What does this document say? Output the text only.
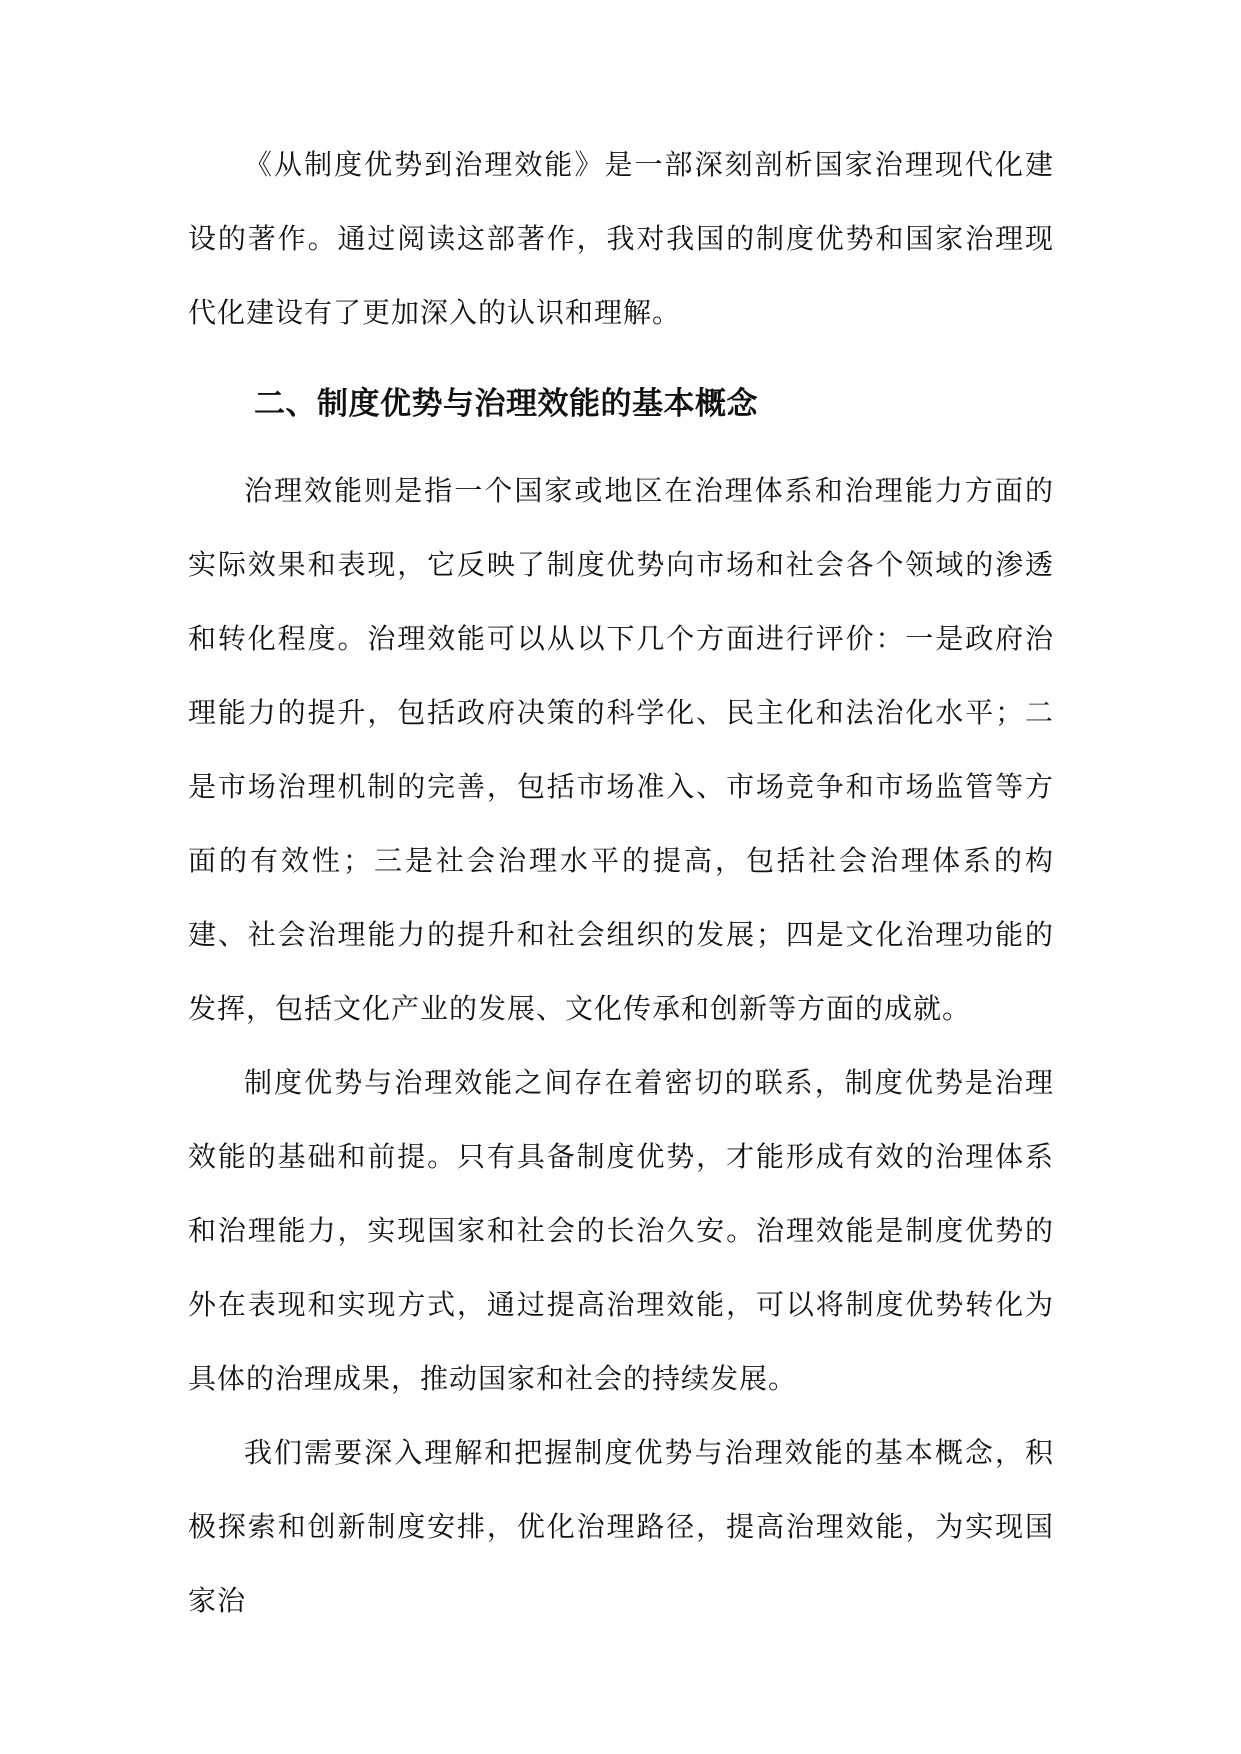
《从制度优势到治理效能》是一部深刻剖析国家治理现代化建设的著作。通过阅读这部著作，我对我国的制度优势和国家治理现代化建设有了更加深入的认识和理解。

二、制度优势与治理效能的基本概念

治理效能则是指一个国家或地区在治理体系和治理能力方面的实际效果和表现，它反映了制度优势向市场和社会各个领域的渗透和转化程度。治理效能可以从以下几个方面进行评价：一是政府治理能力的提升，包括政府决策的科学化、民主化和法治化水平；二是市场治理机制的完善，包括市场准入、市场竞争和市场监管等方面的有效性；三是社会治理水平的提高，包括社会治理体系的构建、社会治理能力的提升和社会组织的发展；四是文化治理功能的发挥，包括文化产业的发展、文化传承和创新等方面的成就。

制度优势与治理效能之间存在着密切的联系，制度优势是治理效能的基础和前提。只有具备制度优势，才能形成有效的治理体系和治理能力，实现国家和社会的长治久安。治理效能是制度优势的外在表现和实现方式，通过提高治理效能，可以将制度优势转化为具体的治理成果，推动国家和社会的持续发展。

我们需要深入理解和把握制度优势与治理效能的基本概念，积极探索和创新制度安排，优化治理路径，提高治理效能，为实现国家治
